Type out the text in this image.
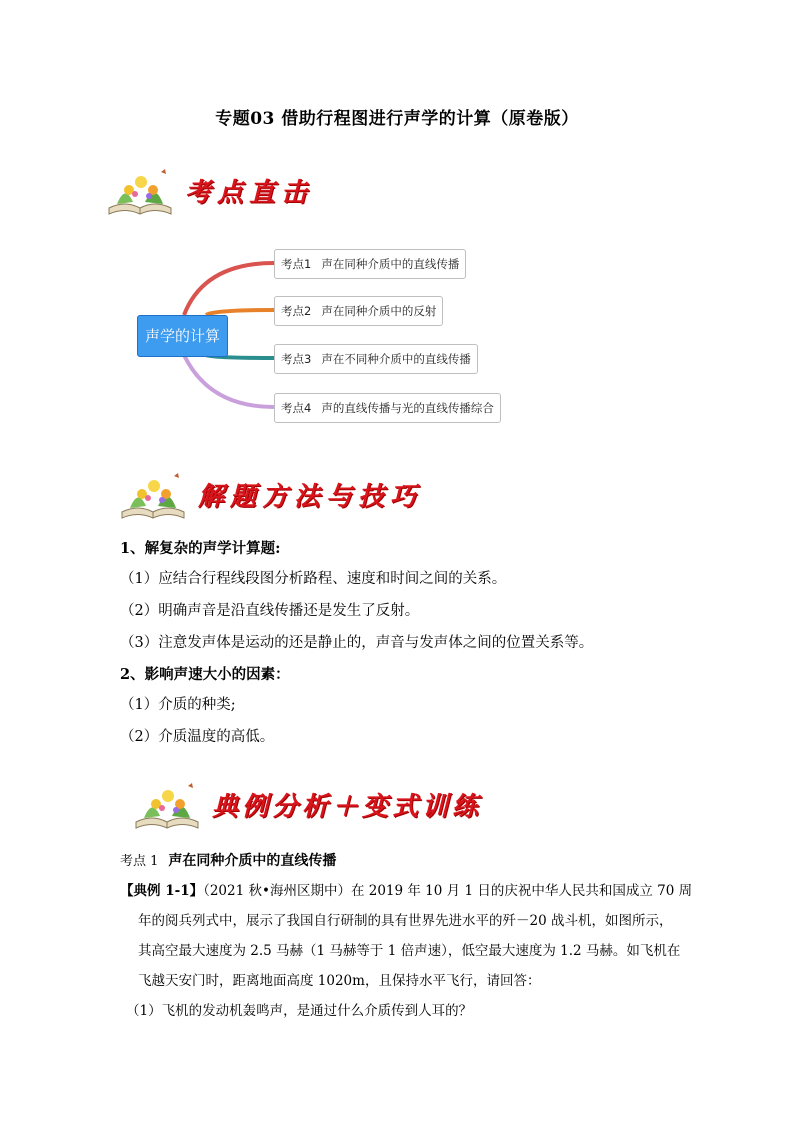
专题03 借助行程图进行声学的计算（原卷版）
考点直击
声学的计算
考点1 声在同种介质中的直线传播
考点2 声在同种介质中的反射
考点3 声在不同种介质中的直线传播
考点4 声的直线传播与光的直线传播综合
解题方法与技巧
1、解复杂的声学计算题:
（1）应结合行程线段图分析路程、速度和时间之间的关系。
（2）明确声音是沿直线传播还是发生了反射。
（3）注意发声体是运动的还是静止的，声音与发声体之间的位置关系等。
2、影响声速大小的因素：
（1）介质的种类;
（2）介质温度的高低。
典例分析＋变式训练
考点 1 声在同种介质中的直线传播
【典例 1-1】（2021 秋•海州区期中）在 2019 年 10 月 1 日的庆祝中华人民共和国成立 70 周
年的阅兵列式中，展示了我国自行研制的具有世界先进水平的歼－20 战斗机，如图所示，
其高空最大速度为 2.5 马赫（1 马赫等于 1 倍声速），低空最大速度为 1.2 马赫。如飞机在
飞越天安门时，距离地面高度 1020m，且保持水平飞行，请回答：
（1）飞机的发动机轰鸣声，是通过什么介质传到人耳的？
